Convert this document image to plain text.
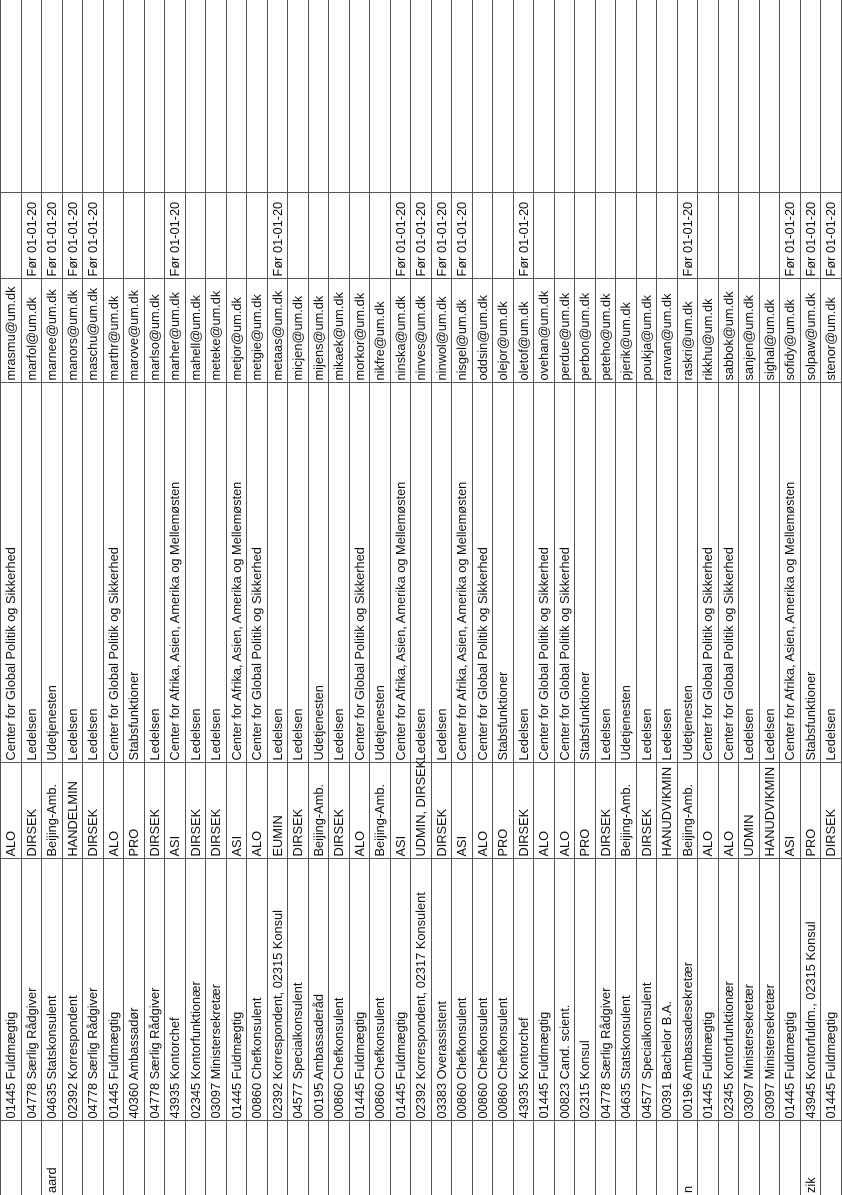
	01445 Fuldmægtig	ALO	Center for Global Politik og Sikkerhed	mrasmu@um.dk		
	04778 Særlig Rådgiver	DIRSEK	Ledelsen	marfol@um.dk	Før 01-01-20	
aard	04635 Statskonsulent	Beijing-Amb.	Udetjenesten	marnee@um.dk	Før 01-01-20	
	02392 Korrespondent	HANDELMIN	Ledelsen	manors@um.dk	Før 01-01-20	
	04778 Særlig Rådgiver	DIRSEK	Ledelsen	maschu@um.dk	Før 01-01-20	
	01445 Fuldmægtig	ALO	Center for Global Politik og Sikkerhed	marthr@um.dk		
	40360 Ambassadør	PRO	Stabsfunktioner	marove@um.dk		
	04778 Særlig Rådgiver	DIRSEK	Ledelsen	marlso@um.dk		
	43935 Kontorchef	ASI	Center for Afrika, Asien, Amerika og Mellemøsten	marher@um.dk	Før 01-01-20	
	02345 Kontorfunktionær	DIRSEK	Ledelsen	mahell@um.dk		
	03097 Ministersekretær	DIRSEK	Ledelsen	meteke@um.dk		
	01445 Fuldmægtig	ASI	Center for Afrika, Asien, Amerika og Mellemøsten	metjor@um.dk		
	00860 Chefkonsulent	ALO	Center for Global Politik og Sikkerhed	metgie@um.dk		
	02392 Korrespondent, 02315 Konsul	EUMIN	Ledelsen	metaas@um.dk	Før 01-01-20	
	04577 Specialkonsulent	DIRSEK	Ledelsen	micjen@um.dk		
	00195 Ambassaderåd	Beijing-Amb.	Udetjenesten	mijens@um.dk		
	00860 Chefkonsulent	DIRSEK	Ledelsen	mikaek@um.dk		
	01445 Fuldmægtig	ALO	Center for Global Politik og Sikkerhed	morkor@um.dk		
	00860 Chefkonsulent	Beijing-Amb.	Udetjenesten	nikfre@um.dk		
	01445 Fuldmægtig	ASI	Center for Afrika, Asien, Amerika og Mellemøsten	ninska@um.dk	Før 01-01-20	
	02392 Korrespondent, 02317 Konsulent	UDMIN, DIRSEK	Ledelsen	ninves@um.dk	Før 01-01-20	
	03383 Overassistent	DIRSEK	Ledelsen	ninwol@um.dk	Før 01-01-20	
	00860 Chefkonsulent	ASI	Center for Afrika, Asien, Amerika og Mellemøsten	nisgel@um.dk	Før 01-01-20	
	00860 Chefkonsulent	ALO	Center for Global Politik og Sikkerhed	oddsin@um.dk		
	00860 Chefkonsulent	PRO	Stabsfunktioner	olejor@um.dk		
	43935 Kontorchef	DIRSEK	Ledelsen	oletof@um.dk	Før 01-01-20	
	01445 Fuldmægtig	ALO	Center for Global Politik og Sikkerhed	ovehan@um.dk		
	00823 Cand. scient.	ALO	Center for Global Politik og Sikkerhed	perdue@um.dk		
	02315 Konsul	PRO	Stabsfunktioner	perbon@um.dk		
	04778 Særlig Rådgiver	DIRSEK	Ledelsen	peteho@um.dk		
	04635 Statskonsulent	Beijing-Amb.	Udetjenesten	pjerik@um.dk		
	04577 Specialkonsulent	DIRSEK	Ledelsen	poukja@um.dk		
	00391 Bachelor B.A.	HANUDVIKMIN	Ledelsen	ranvan@um.dk		
n	00196 Ambassadesekretær	Beijing-Amb.	Udetjenesten	raskri@um.dk	Før 01-01-20	
	01445 Fuldmægtig	ALO	Center for Global Politik og Sikkerhed	rikkhu@um.dk		
	02345 Kontorfunktionær	ALO	Center for Global Politik og Sikkerhed	sabbok@um.dk		
	03097 Ministersekretær	UDMIN	Ledelsen	sanjen@um.dk		
	03097 Ministersekretær	HANUDVIKMIN	Ledelsen	sighal@um.dk		
	01445 Fuldmægtig	ASI	Center for Afrika, Asien, Amerika og Mellemøsten	sofidy@um.dk	Før 01-01-20	
zik	43945 Kontorfuldm., 02315 Konsul	PRO	Stabsfunktioner	solpaw@um.dk	Før 01-01-20	
	01445 Fuldmægtig	DIRSEK	Ledelsen	stenor@um.dk	Før 01-01-20	
